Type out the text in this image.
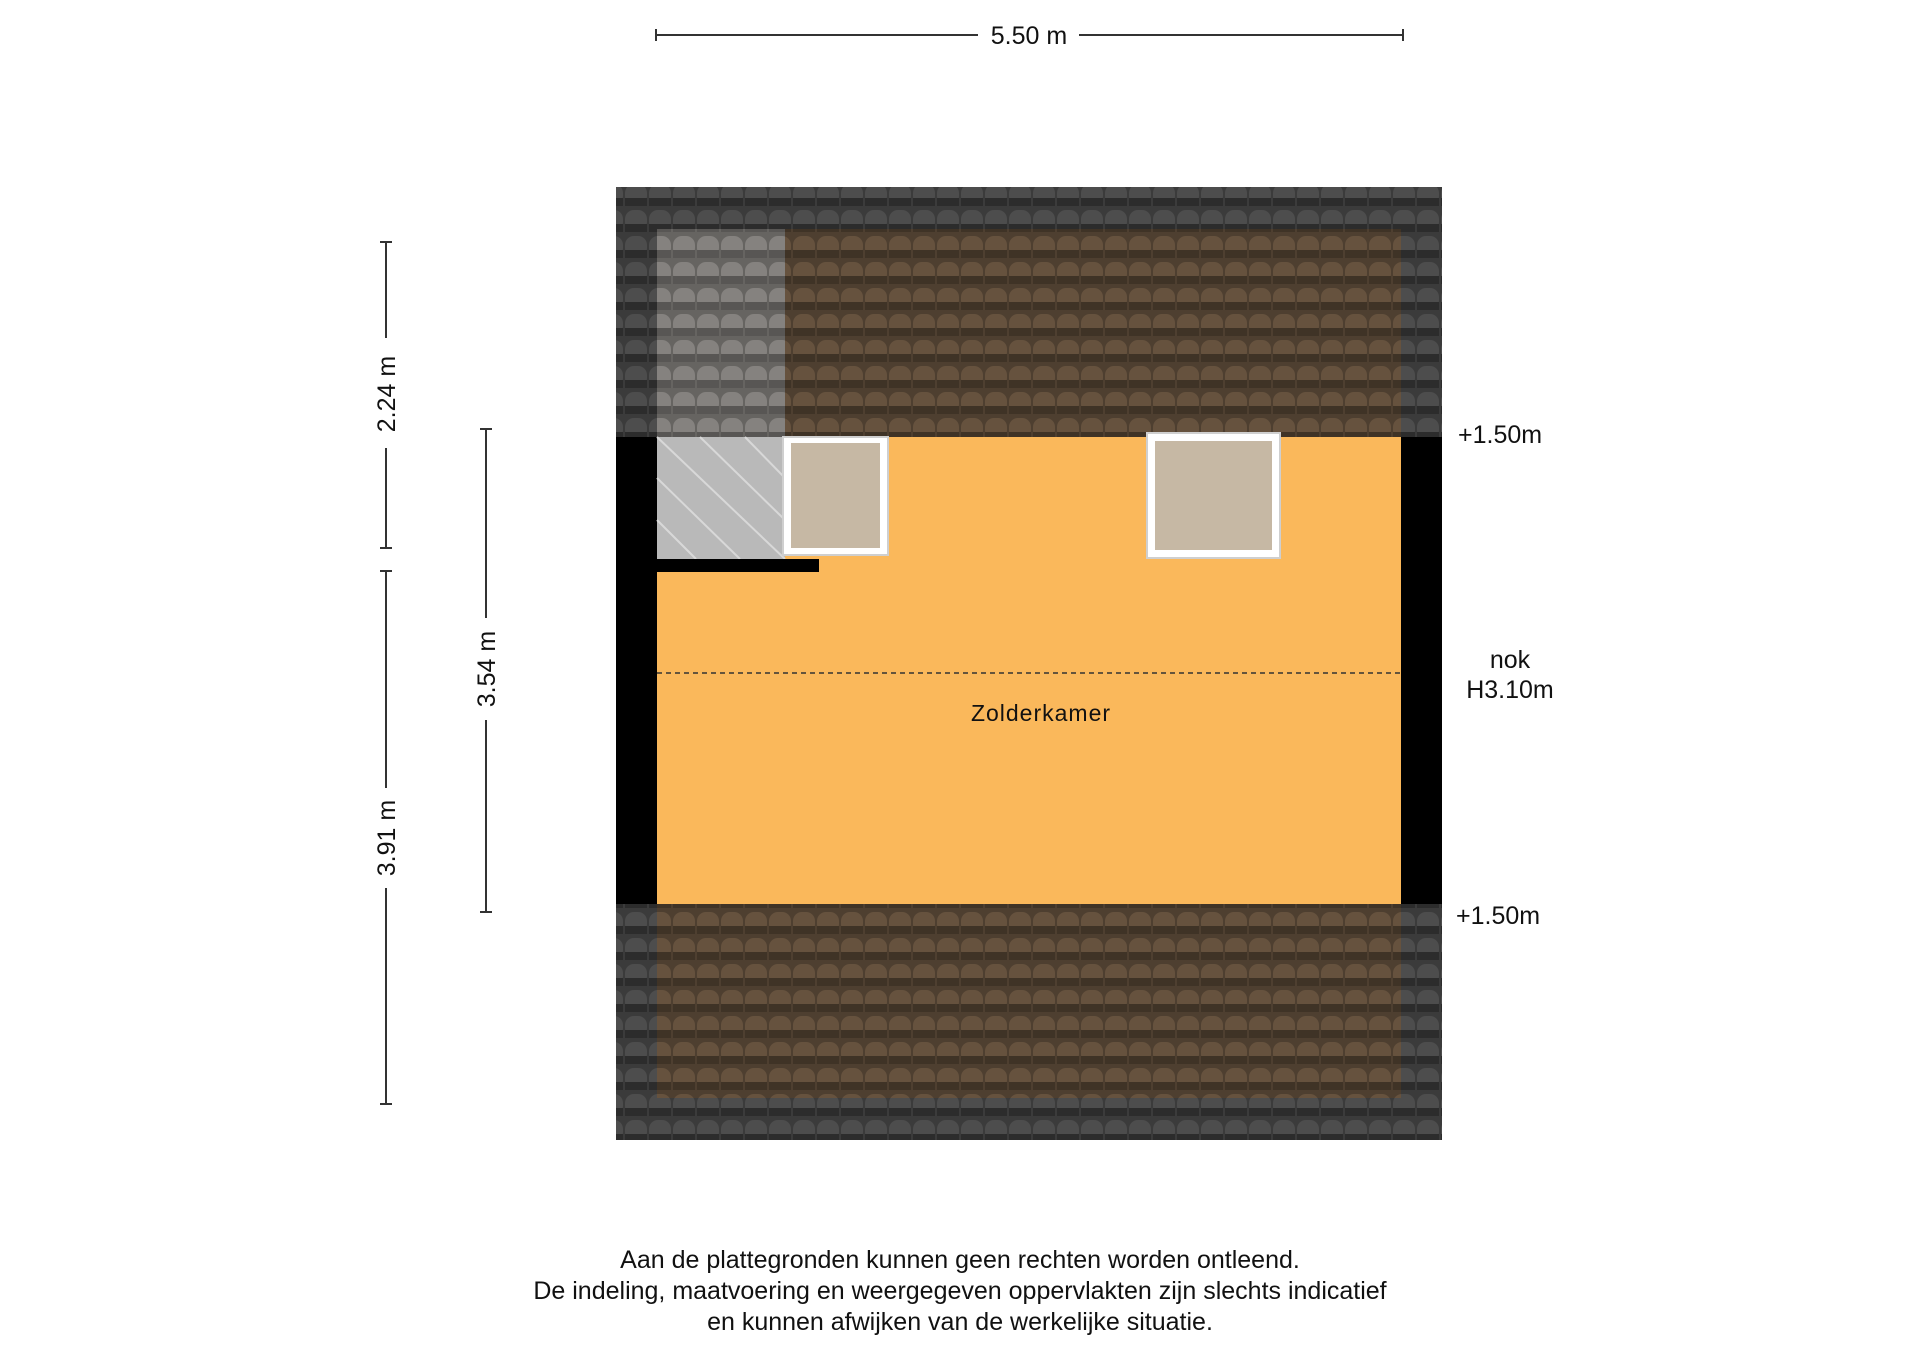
Zolderkamer
5.50 m
2.24 m
3.91 m
3.54 m
+1.50m
nok
H3.10m
+1.50m
Aan de plattegronden kunnen geen rechten worden ontleend.
De indeling, maatvoering en weergegeven oppervlakten zijn slechts indicatief
en kunnen afwijken van de werkelijke situatie.
